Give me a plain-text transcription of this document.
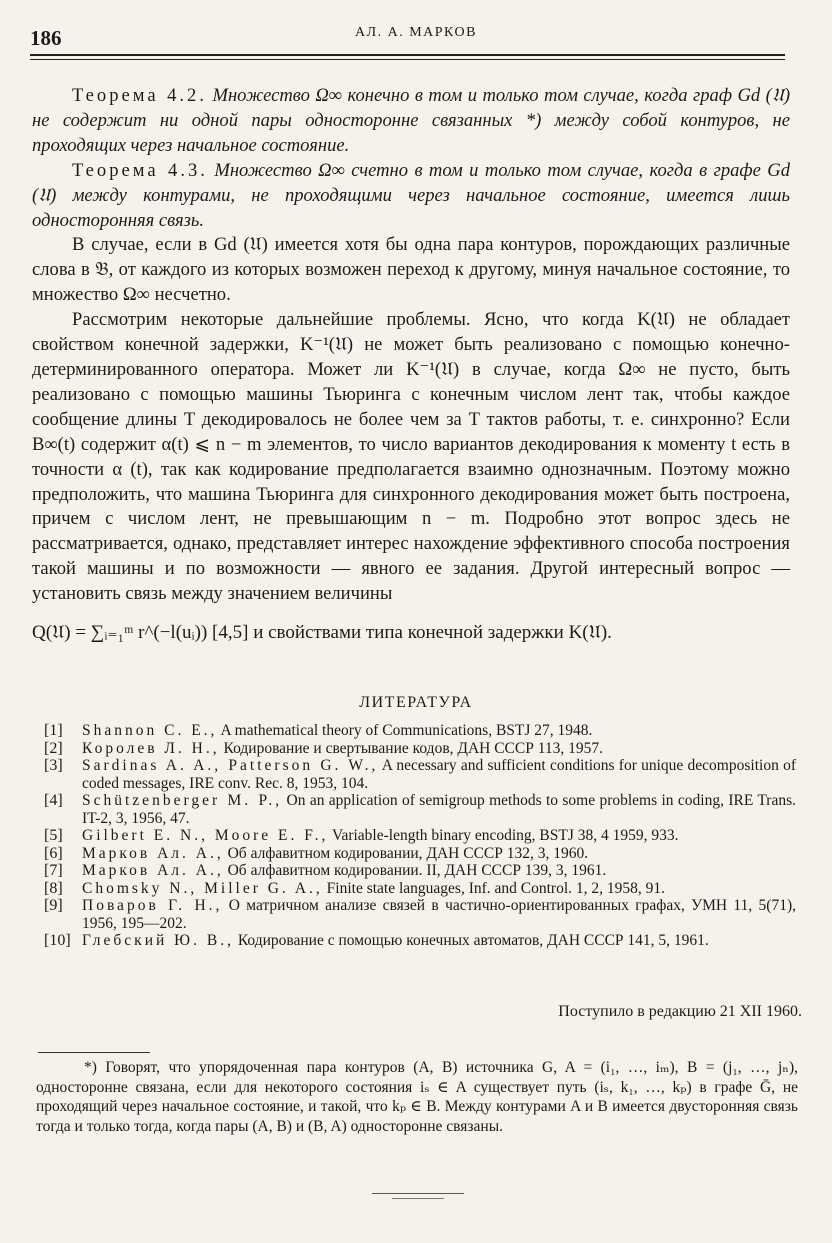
186	АЛ. А. МАРКОВ

Теорема 4.2. Множество Ω∞ конечно в том и только том случае, когда граф Gd (𝔘) не содержит ни одной пары односторонне связанных *) между собой контуров, не проходящих через начальное состояние.

Теорема 4.3. Множество Ω∞ счетно в том и только том случае, когда в графе Gd (𝔘) между контурами, не проходящими через начальное состояние, имеется лишь односторонняя связь.

В случае, если в Gd (𝔘) имеется хотя бы одна пара контуров, порождающих различные слова в 𝔅, от каждого из которых возможен переход к другому, минуя начальное состояние, то множество Ω∞ несчетно.

Рассмотрим некоторые дальнейшие проблемы. Ясно, что когда K(𝔘) не обладает свойством конечной задержки, K⁻¹(𝔘) не может быть реализовано с помощью конечно-детерминированного оператора. Может ли K⁻¹(𝔘) в случае, когда Ω∞ не пусто, быть реализовано с помощью машины Тьюринга с конечным числом лент так, чтобы каждое сообщение длины T декодировалось не более чем за T тактов работы, т. е. синхронно? Если B∞(t) содержит α(t) ⩽ n − m элементов, то число вариантов декодирования к моменту t есть в точности α (t), так как кодирование предполагается взаимно однозначным. Поэтому можно предположить, что машина Тьюринга для синхронного декодирования может быть построена, причем с числом лент, не превышающим n − m. Подробно этот вопрос здесь не рассматривается, однако, представляет интерес нахождение эффективного способа построения такой машины и по возможности — явного ее задания. Другой интересный вопрос — установить связь между значением величины

Q(𝔘) = ∑ᵢ₌₁ᵐ r^(−l(uᵢ)) [4,5] и свойствами типа конечной задержки K(𝔘).
ЛИТЕРАТУРА
[1]	Shannon C. E., A mathematical theory of Communications, BSTJ 27, 1948.
[2]	Королев Л. Н., Кодирование и свертывание кодов, ДАН СССР 113, 1957.
[3]	Sardinas A. A., Patterson G. W., A necessary and sufficient conditions for unique decomposition of coded messages, IRE conv. Rec. 8, 1953, 104.
[4]	Schützenberger M. P., On an application of semigroup methods to some problems in coding, IRE Trans. IT-2, 3, 1956, 47.
[5]	Gilbert E. N., Moore E. F., Variable-length binary encoding, BSTJ 38, 4 1959, 933.
[6]	Марков Ал. А., Об алфавитном кодировании, ДАН СССР 132, 3, 1960.
[7]	Марков Ал. А., Об алфавитном кодировании. II, ДАН СССР 139, 3, 1961.
[8]	Chomsky N., Miller G. A., Finite state languages, Inf. and Control. 1, 2, 1958, 91.
[9]	Поваров Г. Н., О матричном анализе связей в частично-ориентированных графах, УМН 11, 5(71), 1956, 195—202.
[10] Глебский Ю. В., Кодирование с помощью конечных автоматов, ДАН СССР 141, 5, 1961.
Поступило в редакцию 21 XII 1960.

*) Говорят, что упорядоченная пара контуров (A, B) источника G, A = (i₁, …, iₘ), B = (j₁, …, jₙ), односторонне связана, если для некоторого состояния iₛ ∈ A существует путь (iₛ, k₁, …, kₚ) в графе Ḡ, не проходящий через начальное состояние, и такой, что kₚ ∈ B. Между контурами A и B имеется двусторонняя связь тогда и только тогда, когда пары (A, B) и (B, A) односторонне связаны.
